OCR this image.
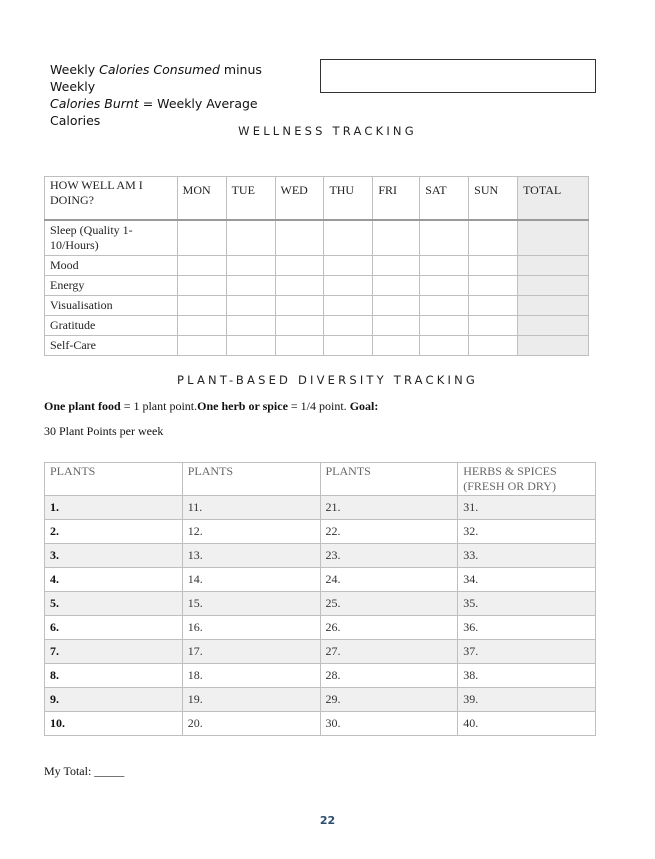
Weekly Calories Consumed minus Weekly
Calories Burnt = Weekly Average Calories
WELLNESS TRACKING
HOW WELL AM I DOING?	MON	TUE	WED	THU	FRI	SAT	SUN	TOTAL
Sleep (Quality 1-10/Hours)								
Mood								
Energy								
Visualisation								
Gratitude								
Self-Care								
PLANT-BASED DIVERSITY TRACKING
One plant food = 1 plant point.One herb or spice = 1/4 point. Goal:
30 Plant Points per week
PLANTS	PLANTS	PLANTS	HERBS & SPICES (FRESH OR DRY)
1.	11.	21.	31.
2.	12.	22.	32.
3.	13.	23.	33.
4.	14.	24.	34.
5.	15.	25.	35.
6.	16.	26.	36.
7.	17.	27.	37.
8.	18.	28.	38.
9.	19.	29.	39.
10.	20.	30.	40.
My Total: _____
22
